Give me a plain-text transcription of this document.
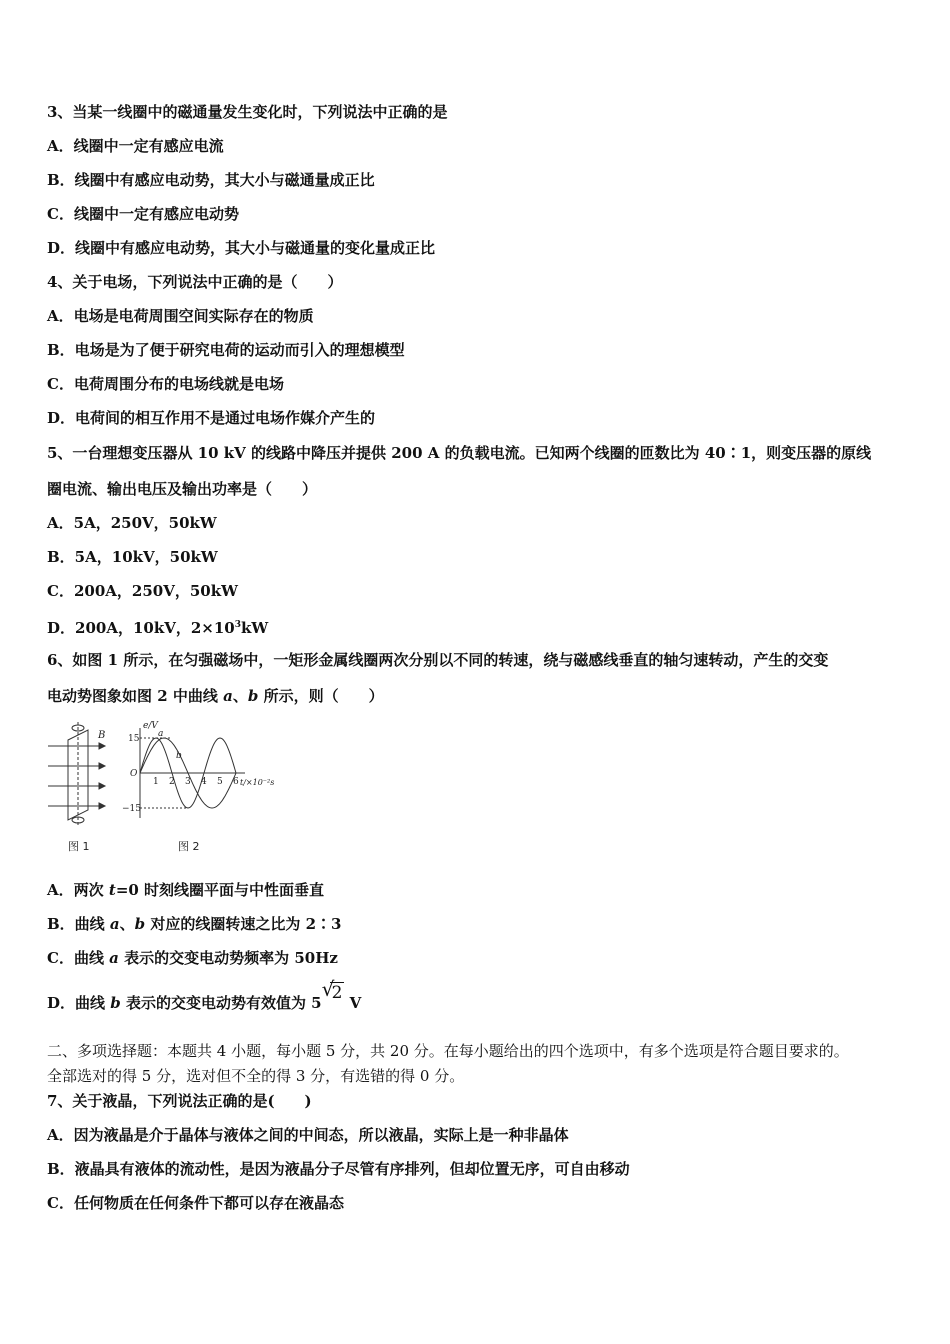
3、当某一线圈中的磁通量发生变化时，下列说法中正确的是
A．线圈中一定有感应电流
B．线圈中有感应电动势，其大小与磁通量成正比
C．线圈中一定有感应电动势
D．线圈中有感应电动势，其大小与磁通量的变化量成正比
4、关于电场，下列说法中正确的是（　　）
A．电场是电荷周围空间实际存在的物质
B．电场是为了便于研究电荷的运动而引入的理想模型
C．电荷周围分布的电场线就是电场
D．电荷间的相互作用不是通过电场作媒介产生的
5、一台理想变压器从 10 kV 的线路中降压并提供 200 A 的负载电流。已知两个线圈的匝数比为 40∶1，则变压器的原线
圈电流、输出电压及输出功率是（　　）
A．5A，250V，50kW
B．5A，10kV，50kW
C．200A，250V，50kW
D．200A，10kV，$2\times 10^3kW$
6、如图 1 所示，在匀强磁场中，一矩形金属线圈两次分别以不同的转速，绕与磁感线垂直的轴匀速转动，产生的交变
电动势图象如图 2 中曲线 a、b 所示，则（　　）
B
e/V
15
−15
O
t/×10⁻²s
a
b
1 2 3 4 5 6
图 1	图 2
A．两次 t=0 时刻线圈平面与中性面垂直
B．曲线 a、b 对应的线圈转速之比为 2∶3
C．曲线 a 表示的交变电动势频率为 50Hz
D．曲线 b 表示的交变电动势有效值为 5
√
2 V
二、多项选择题：本题共 4 小题，每小题 5 分，共 20 分。在每小题给出的四个选项中，有多个选项是符合题目要求的。
全部选对的得 5 分，选对但不全的得 3 分，有选错的得 0 分。
7、关于液晶，下列说法正确的是(　　)
A．因为液晶是介于晶体与液体之间的中间态，所以液晶，实际上是一种非晶体
B．液晶具有液体的流动性，是因为液晶分子尽管有序排列，但却位置无序，可自由移动
C．任何物质在任何条件下都可以存在液晶态
